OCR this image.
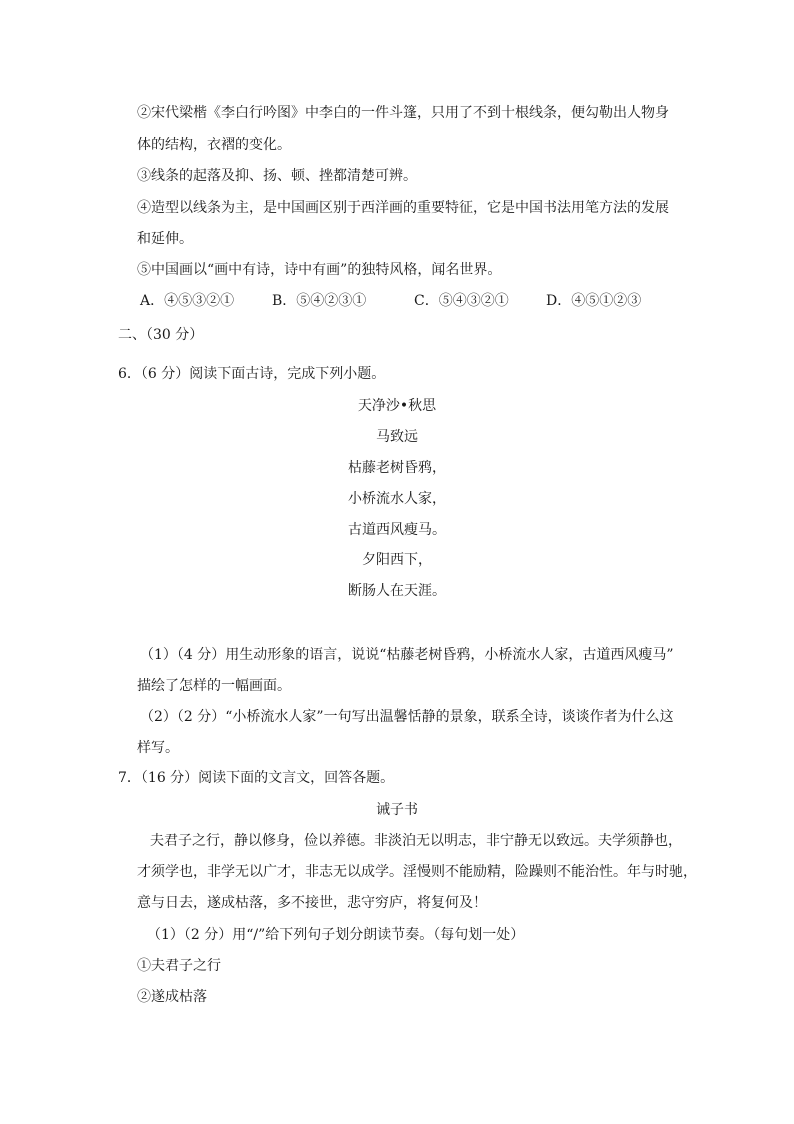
②宋代梁楷《李白行吟图》中李白的一件斗篷，只用了不到十根线条，便勾勒出人物身
体的结构，衣褶的变化。
③线条的起落及抑、扬、顿、挫都清楚可辨。
④造型以线条为主，是中国画区别于西洋画的重要特征，它是中国书法用笔方法的发展
和延伸。
⑤中国画以“画中有诗，诗中有画”的独特风格，闻名世界。
A．④⑤③②①	B．⑤④②③①	C．⑤④③②①	D．④⑤①②③
二、（30 分）
6．（6 分）阅读下面古诗，完成下列小题。
天净沙•秋思
马致远
枯藤老树昏鸦，
小桥流水人家，
古道西风瘦马。
夕阳西下，
断肠人在天涯。
（1）（4 分）用生动形象的语言，说说“枯藤老树昏鸦，小桥流水人家，古道西风瘦马”
描绘了怎样的一幅画面。
（2）（2 分）“小桥流水人家”一句写出温馨恬静的景象，联系全诗，谈谈作者为什么这
样写。
7．（16 分）阅读下面的文言文，回答各题。
诫子书
夫君子之行，静以修身，俭以养德。非淡泊无以明志，非宁静无以致远。夫学须静也，
才须学也，非学无以广才，非志无以成学。淫慢则不能励精，险躁则不能治性。年与时驰，
意与日去，遂成枯落，多不接世，悲守穷庐，将复何及！
（1）（2 分）用“/”给下列句子划分朗读节奏。（每句划一处）
①夫君子之行
②遂成枯落
